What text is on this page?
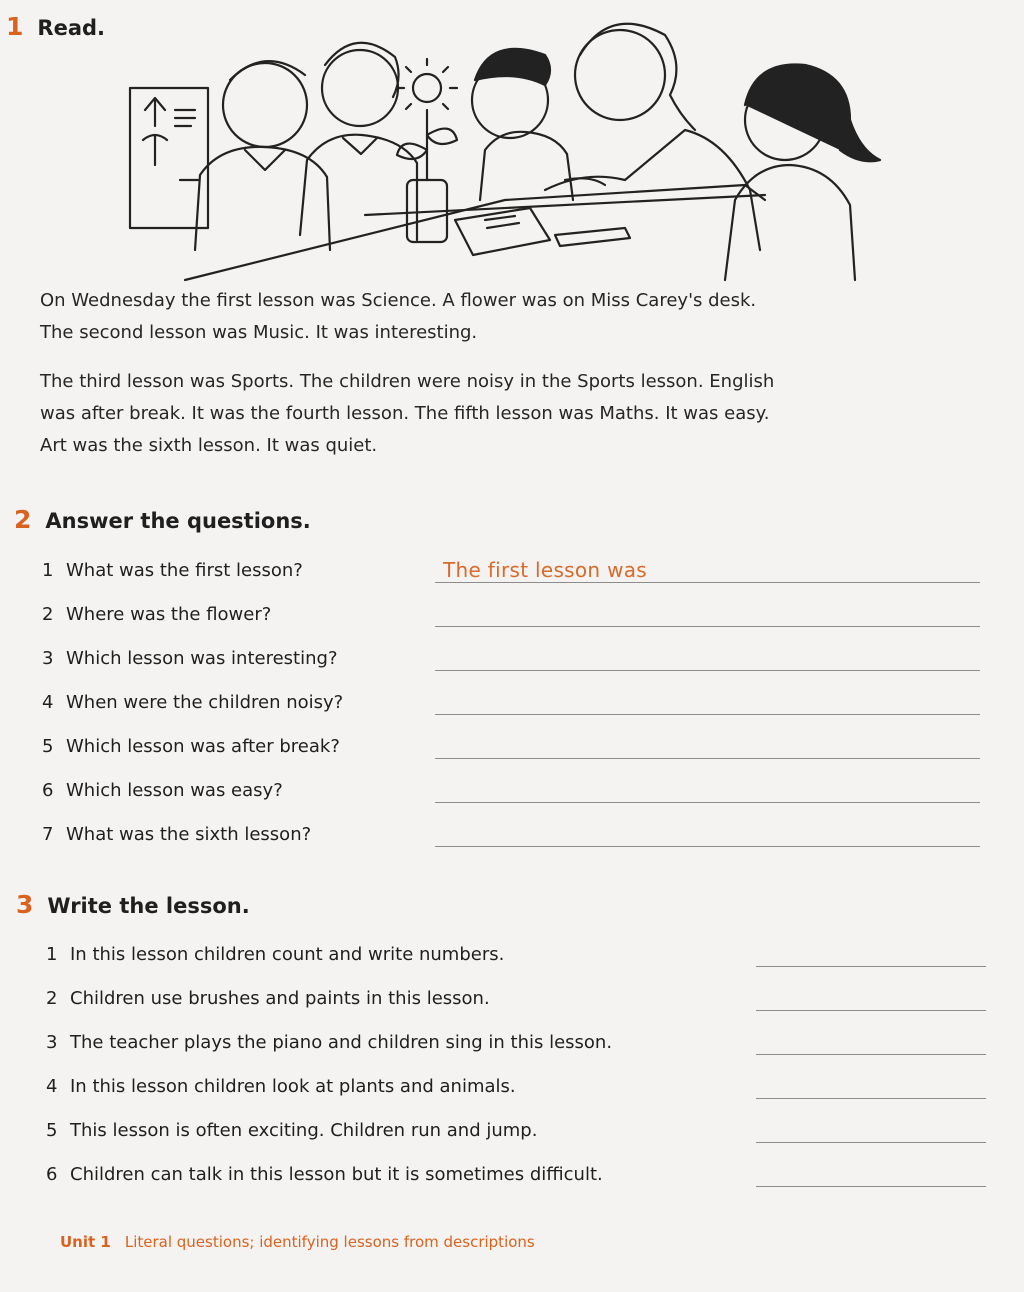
1 Read.
On Wednesday the first lesson was Science. A flower was on Miss Carey's desk.
The second lesson was Music. It was interesting.
The third lesson was Sports. The children were noisy in the Sports lesson. English
was after break. It was the fourth lesson. The fifth lesson was Maths. It was easy.
Art was the sixth lesson. It was quiet.
2 Answer the questions.
1 What was the first lesson?	The first lesson was
2 Where was the flower?
3 Which lesson was interesting?
4 When were the children noisy?
5 Which lesson was after break?
6 Which lesson was easy?
7 What was the sixth lesson?
3 Write the lesson.
1 In this lesson children count and write numbers.
2 Children use brushes and paints in this lesson.
3 The teacher plays the piano and children sing in this lesson.
4 In this lesson children look at plants and animals.
5 This lesson is often exciting. Children run and jump.
6 Children can talk in this lesson but it is sometimes difficult.
Unit 1 Literal questions; identifying lessons from descriptions
